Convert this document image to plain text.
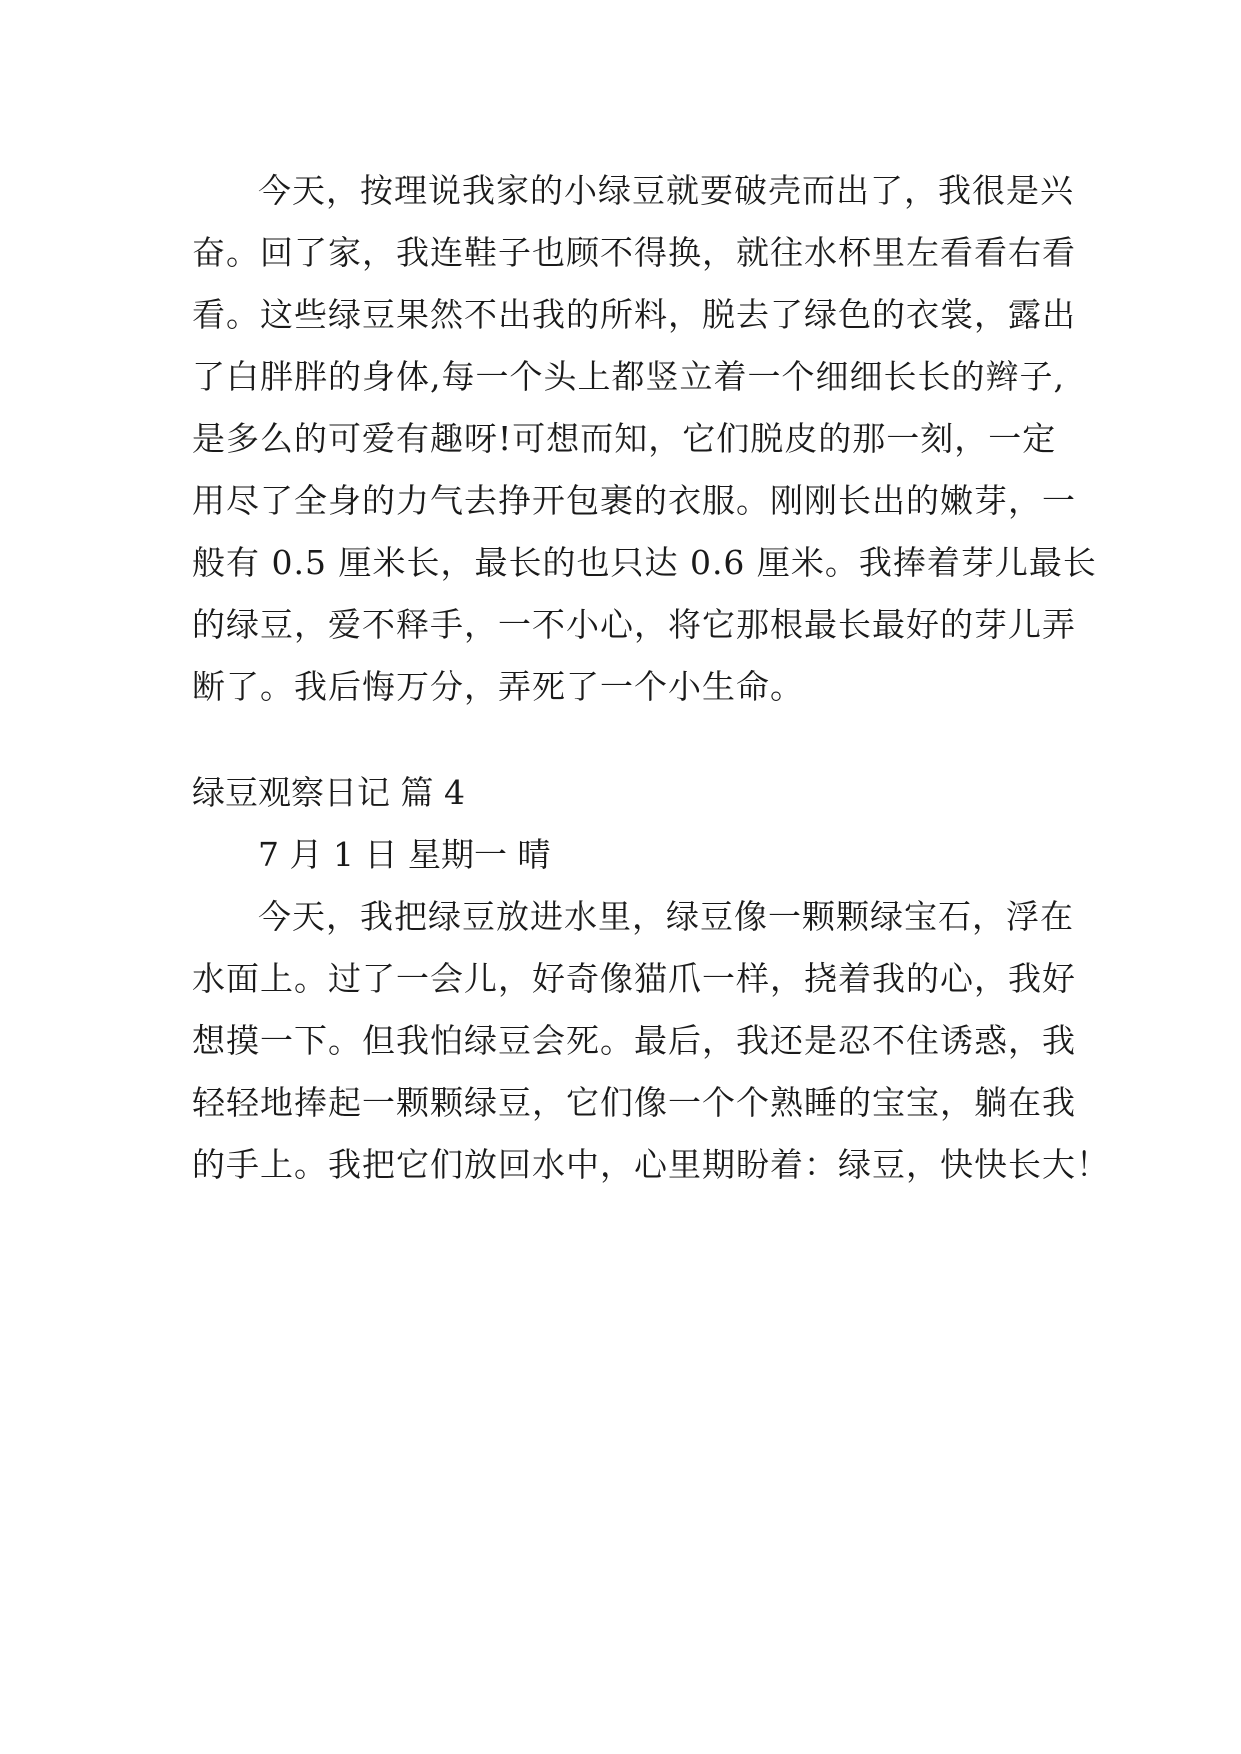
今天，按理说我家的小绿豆就要破壳而出了，我很是兴
奋。回了家，我连鞋子也顾不得换，就往水杯里左看看右看
看。这些绿豆果然不出我的所料，脱去了绿色的衣裳，露出
了白胖胖的身体,每一个头上都竖立着一个细细长长的辫子,
是多么的可爱有趣呀!可想而知，它们脱皮的那一刻，一定
用尽了全身的力气去挣开包裹的衣服。刚刚长出的嫩芽，一
般有 0.5 厘米长，最长的也只达 0.6 厘米。我捧着芽儿最长
的绿豆，爱不释手，一不小心，将它那根最长最好的芽儿弄
断了。我后悔万分，弄死了一个小生命。
绿豆观察日记 篇 4
7 月 1 日 星期一 晴
今天，我把绿豆放进水里，绿豆像一颗颗绿宝石，浮在
水面上。过了一会儿，好奇像猫爪一样，挠着我的心，我好
想摸一下。但我怕绿豆会死。最后，我还是忍不住诱惑，我
轻轻地捧起一颗颗绿豆，它们像一个个熟睡的宝宝，躺在我
的手上。我把它们放回水中，心里期盼着：绿豆，快快长大！
